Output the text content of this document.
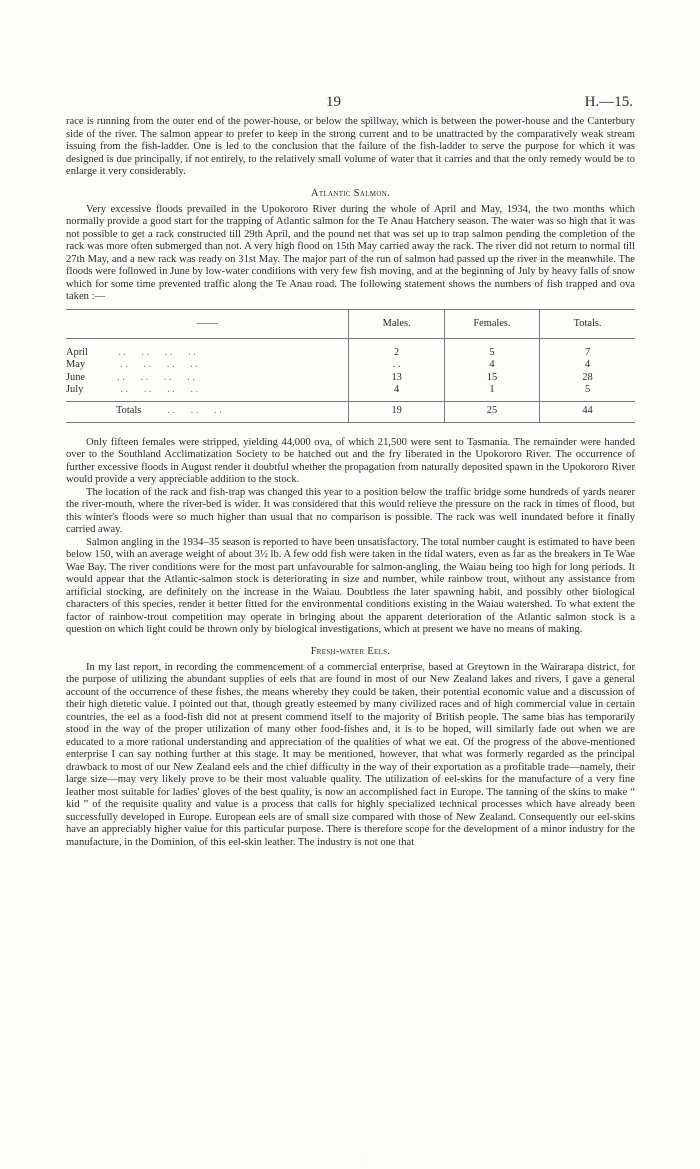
19	H.—15.

race is running from the outer end of the power-house, or below the spillway, which is between the power-house and the Canterbury side of the river. The salmon appear to prefer to keep in the strong current and to be unattracted by the comparatively weak stream issuing from the fish-ladder. One is led to the conclusion that the failure of the fish-ladder to serve the purpose for which it was designed is due principally, if not entirely, to the relatively small volume of water that it carries and that the only remedy would be to enlarge it very considerably.

Atlantic Salmon.

Very excessive floods prevailed in the Upokororo River during the whole of April and May, 1934, the two months which normally provide a good start for the trapping of Atlantic salmon for the Te Anau Hatchery season. The water was so high that it was not possible to get a rack constructed till 29th April, and the pound net that was set up to trap salmon pending the completion of the rack was more often submerged than not. A very high flood on 15th May carried away the rack. The river did not return to normal till 27th May, and a new rack was ready on 31st May. The major part of the run of salmon had passed up the river in the meanwhile. The floods were followed in June by low-water conditions with very few fish moving, and at the beginning of July by heavy falls of snow which for some time prevented traffic along the Te Anau road. The following statement shows the numbers of fish trapped and ova taken :—

——	Males.	Females.	Totals.

April . .      . .      . .      . .	2	5	7
May . .      . .      . .      . .	. .	4	4
June . .      . .      . .      . .	13	15	28
July . .      . .      . .      . .	4	1	5

Totals . .      . .      . .	19	25	44

Only fifteen females were stripped, yielding 44,000 ova, of which 21,500 were sent to Tasmania. The remainder were handed over to the Southland Acclimatization Society to be hatched out and the fry liberated in the Upokororo River. The occurrence of further excessive floods in August render it doubtful whether the propagation from naturally deposited spawn in the Upokororo River would provide a very appreciable addition to the stock.

The location of the rack and fish-trap was changed this year to a position below the traffic bridge some hundreds of yards nearer the river-mouth, where the river-bed is wider. It was considered that this would relieve the pressure on the rack in times of flood, but this winter's floods were so much higher than usual that no comparison is possible. The rack was well inundated before it finally carried away.

Salmon angling in the 1934–35 season is reported to have been unsatisfactory. The total number caught is estimated to have been below 150, with an average weight of about 3½ lb. A few odd fish were taken in the tidal waters, even as far as the breakers in Te Wae Wae Bay. The river conditions were for the most part unfavourable for salmon-angling, the Waiau being too high for long periods. It would appear that the Atlantic-salmon stock is deteriorating in size and number, while rainbow trout, without any assistance from artificial stocking, are definitely on the increase in the Waiau. Doubtless the later spawning habit, and possibly other biological characters of this species, render it better fitted for the environmental conditions existing in the Waiau watershed. To what extent the factor of rainbow-trout competition may operate in bringing about the apparent deterioration of the Atlantic salmon stock is a question on which light could be thrown only by biological investigations, which at present we have no means of making.

Fresh-water Eels.

In my last report, in recording the commencement of a commercial enterprise, based at Greytown in the Wairarapa district, for the purpose of utilizing the abundant supplies of eels that are found in most of our New Zealand lakes and rivers, I gave a general account of the occurrence of these fishes, the means whereby they could be taken, their potential economic value and a discussion of their high dietetic value. I pointed out that, though greatly esteemed by many civilized races and of high commercial value in certain countries, the eel as a food-fish did not at present commend itself to the majority of British people. The same bias has temporarily stood in the way of the proper utilization of many other food-fishes and, it is to be hoped, will similarly fade out when we are educated to a more rational understanding and appreciation of the qualities of what we eat. Of the progress of the above-mentioned enterprise I can say nothing further at this stage. It may be mentioned, however, that what was formerly regarded as the principal drawback to most of our New Zealand eels and the chief difficulty in the way of their exportation as a profitable trade—namely, their large size—may very likely prove to be their most valuable quality. The utilization of eel-skins for the manufacture of a very fine leather most suitable for ladies' gloves of the best quality, is now an accomplished fact in Europe. The tanning of the skins to make “ kid ” of the requisite quality and value is a process that calls for highly specialized technical processes which have already been successfully developed in Europe. European eels are of small size compared with those of New Zealand. Consequently our eel-skins have an appreciably higher value for this particular purpose. There is therefore scope for the development of a minor industry for the manufacture, in the Dominion, of this eel-skin leather. The industry is not one that

·
